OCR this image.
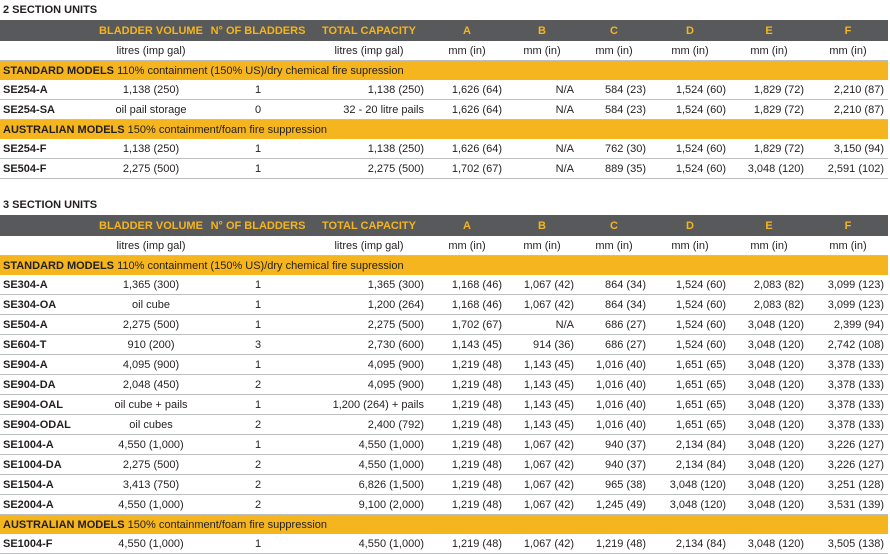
2 SECTION UNITS
	BLADDER VOLUME	N° OF BLADDERS	TOTAL CAPACITY	A	B	C	D	E	F
	litres (imp gal)		litres (imp gal)	mm (in)	mm (in)	mm (in)	mm (in)	mm (in)	mm (in)
STANDARD MODELS 110% containment (150% US)/dry chemical fire supression									
SE254-A	1,138 (250)	1	1,138 (250)	1,626 (64)	N/A	584 (23)	1,524 (60)	1,829 (72)	2,210 (87)
SE254-SA	oil pail storage	0	32 - 20 litre pails	1,626 (64)	N/A	584 (23)	1,524 (60)	1,829 (72)	2,210 (87)
AUSTRALIAN MODELS 150% containment/foam fire suppression									
SE254-F	1,138 (250)	1	1,138 (250)	1,626 (64)	N/A	762 (30)	1,524 (60)	1,829 (72)	3,150 (94)
SE504-F	2,275 (500)	1	2,275 (500)	1,702 (67)	N/A	889 (35)	1,524 (60)	3,048 (120)	2,591 (102)
3 SECTION UNITS
	BLADDER VOLUME	N° OF BLADDERS	TOTAL CAPACITY	A	B	C	D	E	F
	litres (imp gal)		litres (imp gal)	mm (in)	mm (in)	mm (in)	mm (in)	mm (in)	mm (in)
STANDARD MODELS 110% containment (150% US)/dry chemical fire supression									
SE304-A	1,365 (300)	1	1,365 (300)	1,168 (46)	1,067 (42)	864 (34)	1,524 (60)	2,083 (82)	3,099 (123)
SE304-OA	oil cube	1	1,200 (264)	1,168 (46)	1,067 (42)	864 (34)	1,524 (60)	2,083 (82)	3,099 (123)
SE504-A	2,275 (500)	1	2,275 (500)	1,702 (67)	N/A	686 (27)	1,524 (60)	3,048 (120)	2,399 (94)
SE604-T	910 (200)	3	2,730 (600)	1,143 (45)	914 (36)	686 (27)	1,524 (60)	3,048 (120)	2,742 (108)
SE904-A	4,095 (900)	1	4,095 (900)	1,219 (48)	1,143 (45)	1,016 (40)	1,651 (65)	3,048 (120)	3,378 (133)
SE904-DA	2,048 (450)	2	4,095 (900)	1,219 (48)	1,143 (45)	1,016 (40)	1,651 (65)	3,048 (120)	3,378 (133)
SE904-OAL	oil cube + pails	1	1,200 (264) + pails	1,219 (48)	1,143 (45)	1,016 (40)	1,651 (65)	3,048 (120)	3,378 (133)
SE904-ODAL	oil cubes	2	2,400 (792)	1,219 (48)	1,143 (45)	1,016 (40)	1,651 (65)	3,048 (120)	3,378 (133)
SE1004-A	4,550 (1,000)	1	4,550 (1,000)	1,219 (48)	1,067 (42)	940 (37)	2,134 (84)	3,048 (120)	3,226 (127)
SE1004-DA	2,275 (500)	2	4,550 (1,000)	1,219 (48)	1,067 (42)	940 (37)	2,134 (84)	3,048 (120)	3,226 (127)
SE1504-A	3,413 (750)	2	6,826 (1,500)	1,219 (48)	1,067 (42)	965 (38)	3,048 (120)	3,048 (120)	3,251 (128)
SE2004-A	4,550 (1,000)	2	9,100 (2,000)	1,219 (48)	1,067 (42)	1,245 (49)	3,048 (120)	3,048 (120)	3,531 (139)
AUSTRALIAN MODELS 150% containment/foam fire suppression									
SE1004-F	4,550 (1,000)	1	4,550 (1,000)	1,219 (48)	1,067 (42)	1,219 (48)	2,134 (84)	3,048 (120)	3,505 (138)
